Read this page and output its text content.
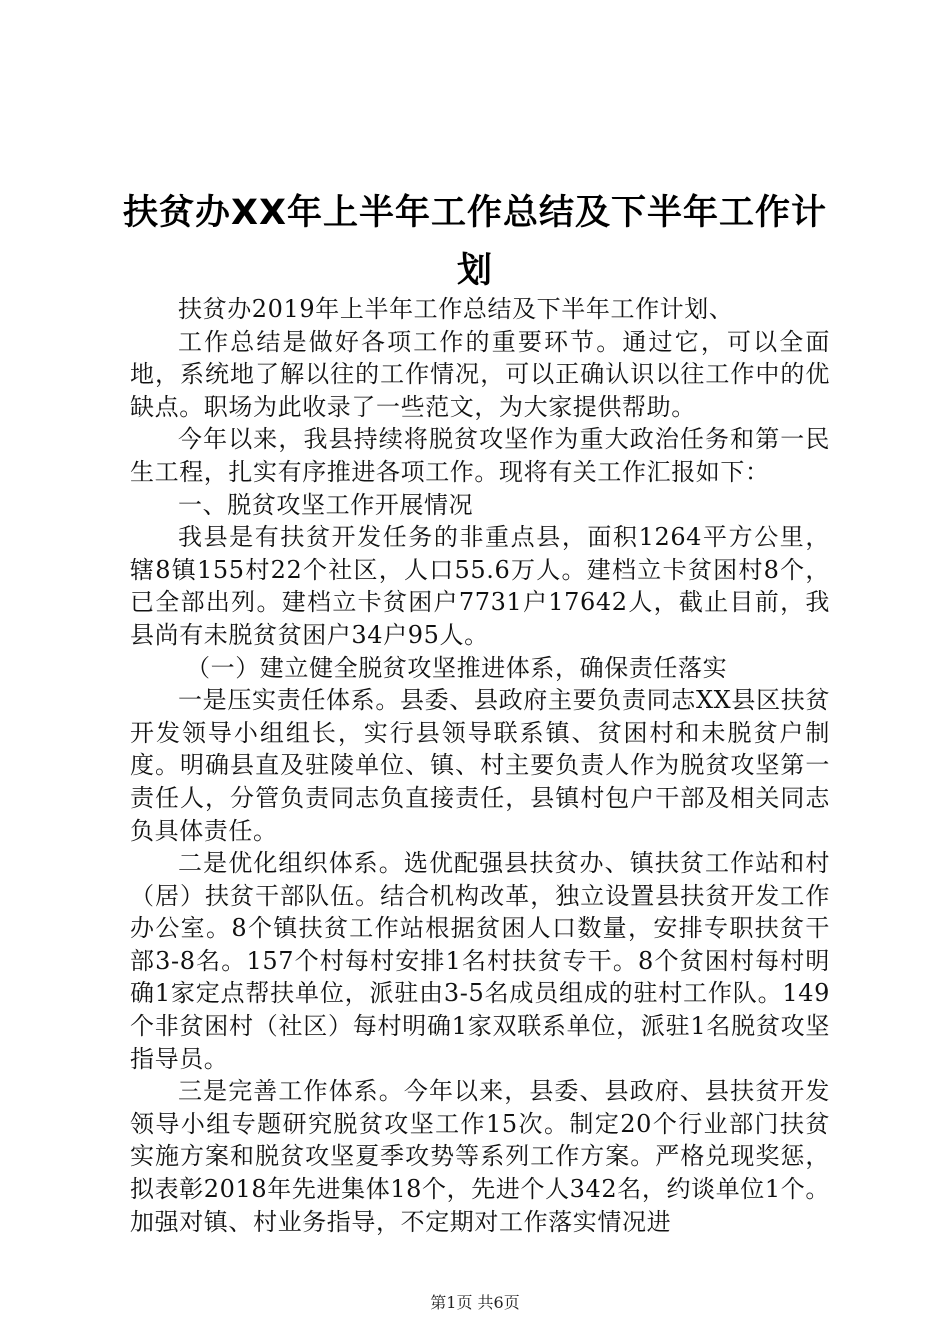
扶贫办XX年上半年工作总结及下半年工作计划

扶贫办2019年上半年工作总结及下半年工作计划、

工作总结是做好各项工作的重要环节。通过它，可以全面地，系统地了解以往的工作情况，可以正确认识以往工作中的优缺点。职场为此收录了一些范文，为大家提供帮助。

今年以来，我县持续将脱贫攻坚作为重大政治任务和第一民生工程，扎实有序推进各项工作。现将有关工作汇报如下：

一、脱贫攻坚工作开展情况

我县是有扶贫开发任务的非重点县，面积1264平方公里，辖8镇155村22个社区，人口55.6万人。建档立卡贫困村8个，已全部出列。建档立卡贫困户7731户17642人，截止目前，我县尚有未脱贫贫困户34户95人。

（一）建立健全脱贫攻坚推进体系，确保责任落实

一是压实责任体系。县委、县政府主要负责同志XX县区扶贫开发领导小组组长，实行县领导联系镇、贫困村和未脱贫户制度。明确县直及驻陵单位、镇、村主要负责人作为脱贫攻坚第一责任人，分管负责同志负直接责任，县镇村包户干部及相关同志负具体责任。

二是优化组织体系。选优配强县扶贫办、镇扶贫工作站和村（居）扶贫干部队伍。结合机构改革，独立设置县扶贫开发工作办公室。8个镇扶贫工作站根据贫困人口数量，安排专职扶贫干部3-8名。157个村每村安排1名村扶贫专干。8个贫困村每村明确1家定点帮扶单位，派驻由3-5名成员组成的驻村工作队。149个非贫困村（社区）每村明确1家双联系单位，派驻1名脱贫攻坚指导员。

三是完善工作体系。今年以来，县委、县政府、县扶贫开发领导小组专题研究脱贫攻坚工作15次。制定20个行业部门扶贫实施方案和脱贫攻坚夏季攻势等系列工作方案。严格兑现奖惩，拟表彰2018年先进集体18个，先进个人342名，约谈单位1个。加强对镇、村业务指导，不定期对工作落实情况进

第1页 共6页
